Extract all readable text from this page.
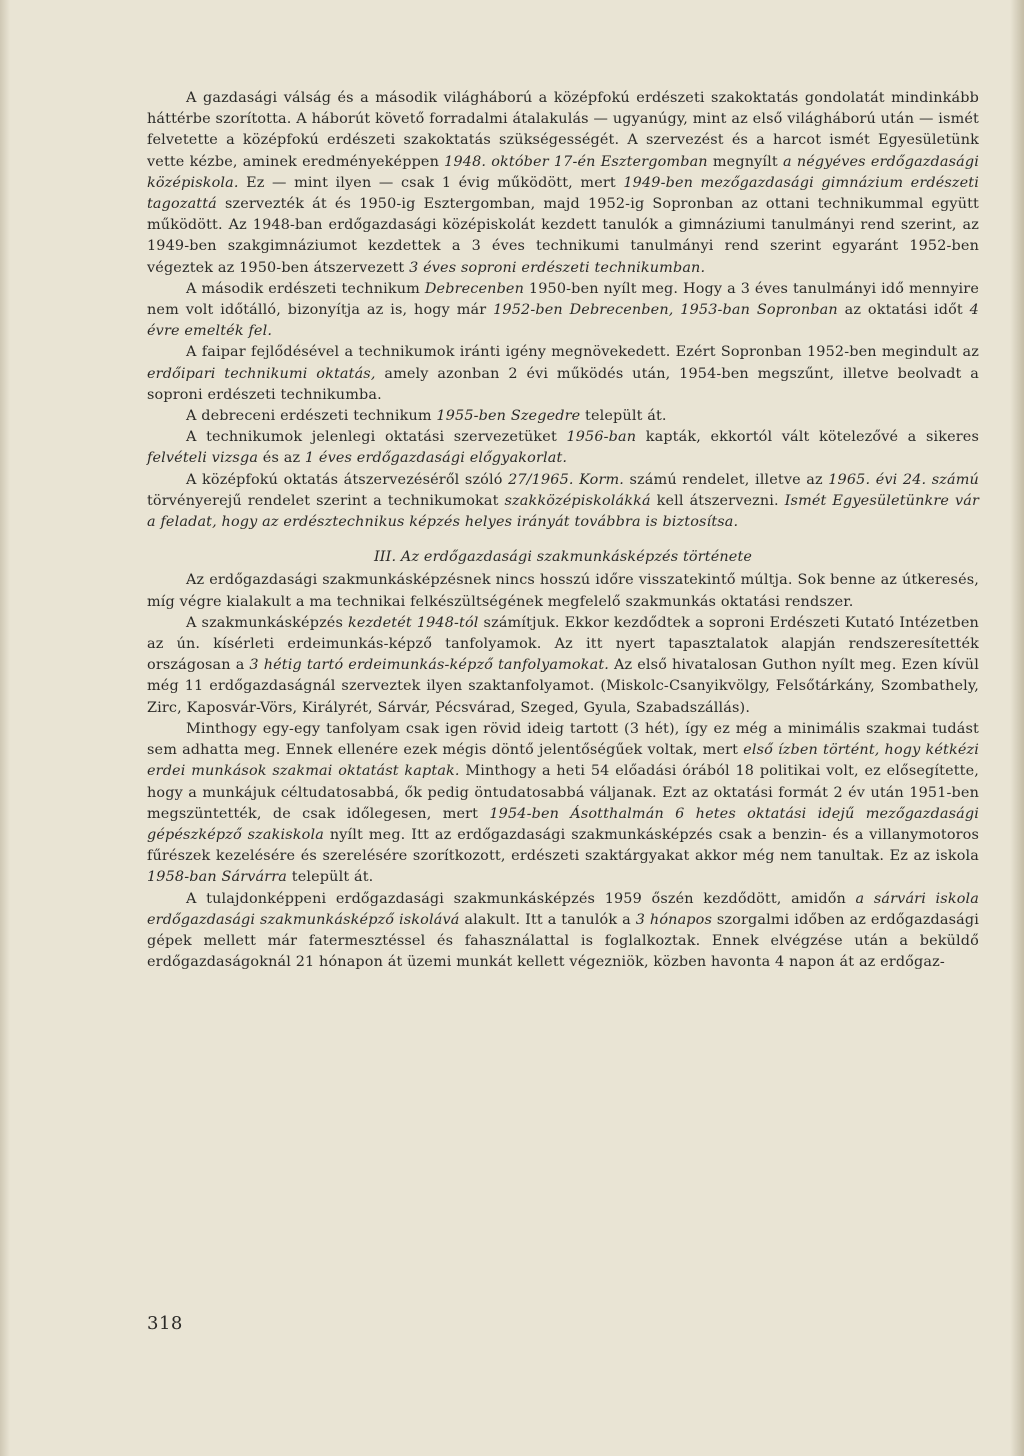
A gazdasági válság és a második világháború a középfokú erdészeti szakoktatás gondolatát mindinkább háttérbe szorította. A háborút követő forradalmi átalakulás — ugyanúgy, mint az első világháború után — ismét felvetette a középfokú erdészeti szakoktatás szükségességét. A szervezést és a harcot ismét Egyesületünk vette kézbe, aminek eredményeképpen 1948. október 17-én Esztergomban megnyílt a négyéves erdőgazdasági középiskola. Ez — mint ilyen — csak 1 évig működött, mert 1949-ben mezőgazdasági gimnázium erdészeti tagozattá szervezték át és 1950-ig Esztergomban, majd 1952-ig Sopronban az ottani technikummal együtt működött. Az 1948-ban erdőgazdasági középiskolát kezdett tanulók a gimnáziumi tanulmányi rend szerint, az 1949-ben szakgimnáziumot kezdettek a 3 éves technikumi tanulmányi rend szerint egyaránt 1952-ben végeztek az 1950-ben átszervezett 3 éves soproni erdészeti technikumban.

A második erdészeti technikum Debrecenben 1950-ben nyílt meg. Hogy a 3 éves tanulmányi idő mennyire nem volt időtálló, bizonyítja az is, hogy már 1952-ben Debrecenben, 1953-ban Sopronban az oktatási időt 4 évre emelték fel.

A faipar fejlődésével a technikumok iránti igény megnövekedett. Ezért Sopronban 1952-ben megindult az erdőipari technikumi oktatás, amely azonban 2 évi működés után, 1954-ben megszűnt, illetve beolvadt a soproni erdészeti technikumba.

A debreceni erdészeti technikum 1955-ben Szegedre települt át.

A technikumok jelenlegi oktatási szervezetüket 1956-ban kapták, ekkortól vált kötelezővé a sikeres felvételi vizsga és az 1 éves erdőgazdasági előgyakorlat.

A középfokú oktatás átszervezéséről szóló 27/1965. Korm. számú rendelet, illetve az 1965. évi 24. számú törvényerejű rendelet szerint a technikumokat szakközépiskolákká kell átszervezni. Ismét Egyesületünkre vár a feladat, hogy az erdésztechnikus képzés helyes irányát továbbra is biztosítsa.

III. Az erdőgazdasági szakmunkásképzés története

Az erdőgazdasági szakmunkásképzésnek nincs hosszú időre visszatekintő múltja. Sok benne az útkeresés, míg végre kialakult a ma technikai felkészültségének megfelelő szakmunkás oktatási rendszer.

A szakmunkásképzés kezdetét 1948-tól számítjuk. Ekkor kezdődtek a soproni Erdészeti Kutató Intézetben az ún. kísérleti erdeimunkás-képző tanfolyamok. Az itt nyert tapasztalatok alapján rendszeresítették országosan a 3 hétig tartó erdeimunkás-képző tanfolyamokat. Az első hivatalosan Guthon nyílt meg. Ezen kívül még 11 erdőgazdaságnál szerveztek ilyen szaktanfolyamot. (Miskolc-Csanyikvölgy, Felsőtárkány, Szombathely, Zirc, Kaposvár-Vörs, Királyrét, Sárvár, Pécsvárad, Szeged, Gyula, Szabadszállás).

Minthogy egy-egy tanfolyam csak igen rövid ideig tartott (3 hét), így ez még a minimális szakmai tudást sem adhatta meg. Ennek ellenére ezek mégis döntő jelentőségűek voltak, mert első ízben történt, hogy kétkézi erdei munkások szakmai oktatást kaptak. Minthogy a heti 54 előadási órából 18 politikai volt, ez elősegítette, hogy a munkájuk céltudatosabbá, ők pedig öntudatosabbá váljanak. Ezt az oktatási formát 2 év után 1951-ben megszüntették, de csak időlegesen, mert 1954-ben Ásotthalmán 6 hetes oktatási idejű mezőgazdasági gépészképző szakiskola nyílt meg. Itt az erdőgazdasági szakmunkásképzés csak a benzin- és a villanymotoros fűrészek kezelésére és szerelésére szorítkozott, erdészeti szaktárgyakat akkor még nem tanultak. Ez az iskola 1958-ban Sárvárra települt át.

A tulajdonképpeni erdőgazdasági szakmunkásképzés 1959 őszén kezdődött, amidőn a sárvári iskola erdőgazdasági szakmunkásképző iskolává alakult. Itt a tanulók a 3 hónapos szorgalmi időben az erdőgazdasági gépek mellett már fatermesztéssel és fahasználattal is foglalkoztak. Ennek elvégzése után a beküldő erdőgazdaságoknál 21 hónapon át üzemi munkát kellett végezniök, közben havonta 4 napon át az erdőgaz-

318
